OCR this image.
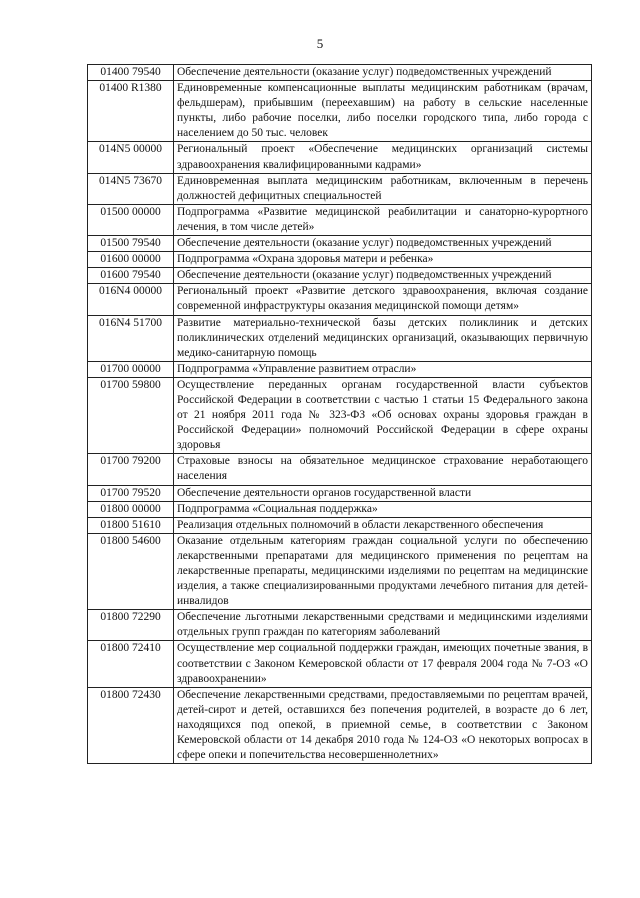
5
01400 79540	Обеспечение деятельности (оказание услуг) подведомственных учреждений
01400 R1380	Единовременные компенсационные выплаты медицинским работникам (врачам, фельдшерам), прибывшим (переехавшим) на работу в сельские населенные пункты, либо рабочие поселки, либо поселки городского типа, либо города с населением до 50 тыс. человек
014N5 00000	Региональный проект «Обеспечение медицинских организаций системы здравоохранения квалифицированными кадрами»
014N5 73670	Единовременная выплата медицинским работникам, включенным в перечень должностей дефицитных специальностей
01500 00000	Подпрограмма «Развитие медицинской реабилитации и санаторно-курортного лечения, в том числе детей»
01500 79540	Обеспечение деятельности (оказание услуг) подведомственных учреждений
01600 00000	Подпрограмма «Охрана здоровья матери и ребенка»
01600 79540	Обеспечение деятельности (оказание услуг) подведомственных учреждений
016N4 00000	Региональный проект «Развитие детского здравоохранения, включая создание современной инфраструктуры оказания медицинской помощи детям»
016N4 51700	Развитие материально-технической базы детских поликлиник и детских поликлинических отделений медицинских организаций, оказывающих первичную медико-санитарную помощь
01700 00000	Подпрограмма «Управление развитием отрасли»
01700 59800	Осуществление переданных органам государственной власти субъектов Российской Федерации в соответствии с частью 1 статьи 15 Федерального закона от 21 ноября 2011 года № 323-ФЗ «Об основах охраны здоровья граждан в Российской Федерации» полномочий Российской Федерации в сфере охраны здоровья
01700 79200	Страховые взносы на обязательное медицинское страхование неработающего населения
01700 79520	Обеспечение деятельности органов государственной власти
01800 00000	Подпрограмма «Социальная поддержка»
01800 51610	Реализация отдельных полномочий в области лекарственного обеспечения
01800 54600	Оказание отдельным категориям граждан социальной услуги по обеспечению лекарственными препаратами для медицинского применения по рецептам на лекарственные препараты, медицинскими изделиями по рецептам на медицинские изделия, а также специализированными продуктами лечебного питания для детей-инвалидов
01800 72290	Обеспечение льготными лекарственными средствами и медицинскими изделиями отдельных групп граждан по категориям заболеваний
01800 72410	Осуществление мер социальной поддержки граждан, имеющих почетные звания, в соответствии с Законом Кемеровской области от 17 февраля 2004 года № 7-ОЗ «О здравоохранении»
01800 72430	Обеспечение лекарственными средствами, предоставляемыми по рецептам врачей, детей-сирот и детей, оставшихся без попечения родителей, в возрасте до 6 лет, находящихся под опекой, в приемной семье, в соответствии с Законом Кемеровской области от 14 декабря 2010 года № 124-ОЗ «О некоторых вопросах в сфере опеки и попечительства несовершеннолетних»
